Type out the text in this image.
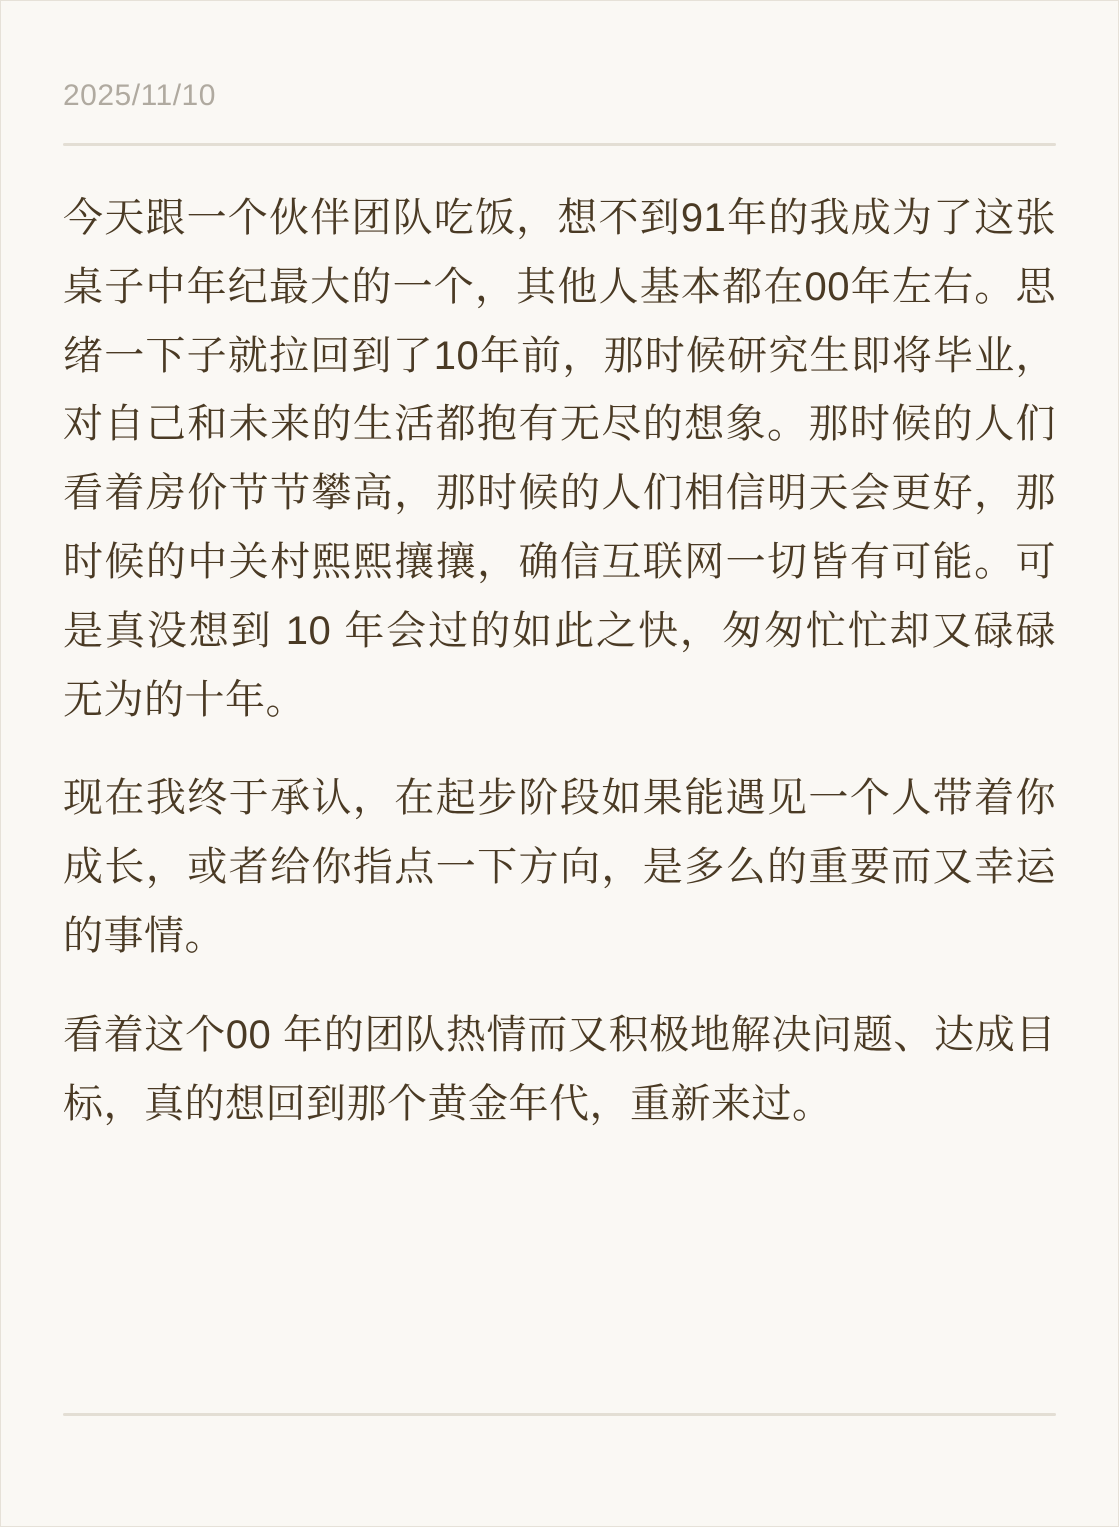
2025/11/10

今天跟一个伙伴团队吃饭，想不到91年的我成为了这张桌子中年纪最大的一个，其他人基本都在00年左右。思绪一下子就拉回到了10年前，那时候研究生即将毕业，对自己和未来的生活都抱有无尽的想象。那时候的人们看着房价节节攀高，那时候的人们相信明天会更好，那时候的中关村熙熙攘攘，确信互联网一切皆有可能。可是真没想到 10 年会过的如此之快，匆匆忙忙却又碌碌无为的十年。

现在我终于承认，在起步阶段如果能遇见一个人带着你成长，或者给你指点一下方向，是多么的重要而又幸运的事情。

看着这个00 年的团队热情而又积极地解决问题、达成目标，真的想回到那个黄金年代，重新来过。
